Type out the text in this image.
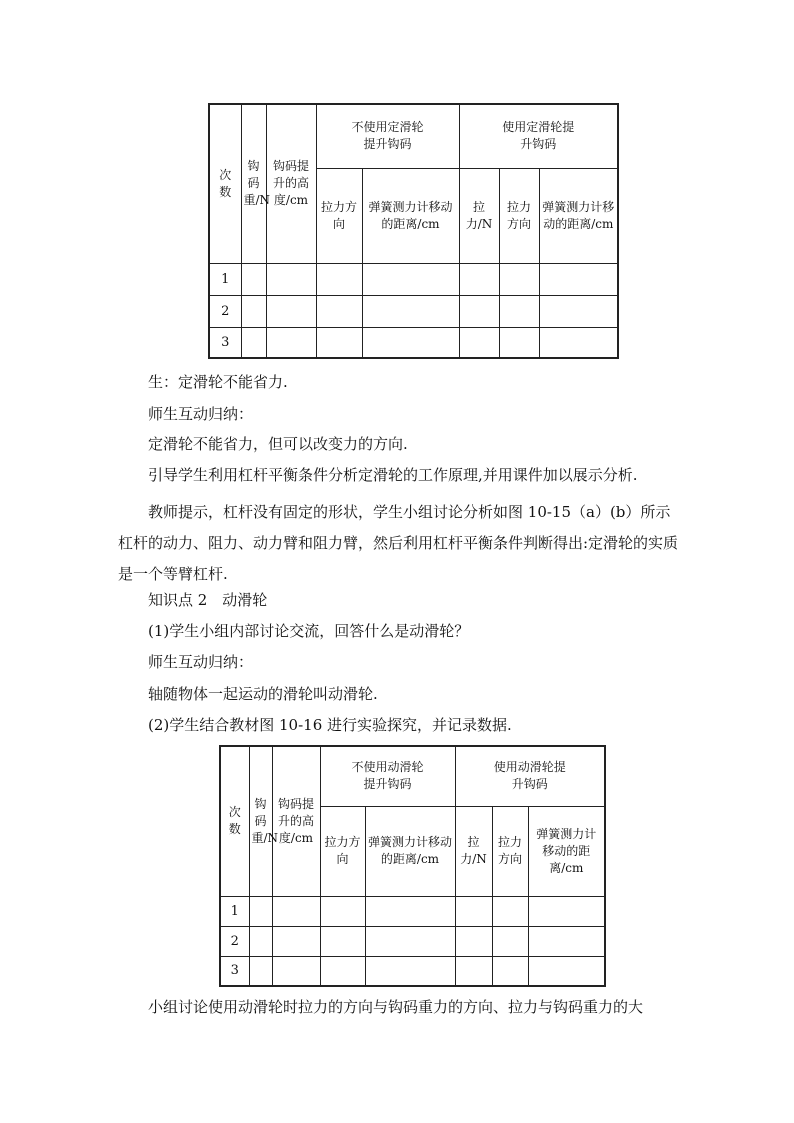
次数	钩码重/N	钩码提升的高度/cm	不使用定滑轮提升钩码		使用定滑轮提升钩码		
			拉力方向	弹簧测力计移动的距离/cm	拉力/N	拉力方向	弹簧测力计移动的距离/cm
1							
2							
3							
生：定滑轮不能省力.
师生互动归纳：
定滑轮不能省力，但可以改变力的方向.
引导学生利用杠杆平衡条件分析定滑轮的工作原理,并用课件加以展示分析.
教师提示，杠杆没有固定的形状，学生小组讨论分析如图 10-15（a）(b）所示杠杆的动力、阻力、动力臂和阻力臂，然后利用杠杆平衡条件判断得出:定滑轮的实质是一个等臂杠杆.
知识点 2　动滑轮
(1)学生小组内部讨论交流，回答什么是动滑轮？
师生互动归纳：
轴随物体一起运动的滑轮叫动滑轮.
(2)学生结合教材图 10-16 进行实验探究，并记录数据.
次数	钩码重/N	钩码提升的高度/cm	不使用动滑轮提升钩码		使用动滑轮提升钩码		
			拉力方向	弹簧测力计移动的距离/cm	拉力/N	拉力方向	弹簧测力计移动的距离/cm
1							
2							
3							
小组讨论使用动滑轮时拉力的方向与钩码重力的方向、拉力与钩码重力的大
